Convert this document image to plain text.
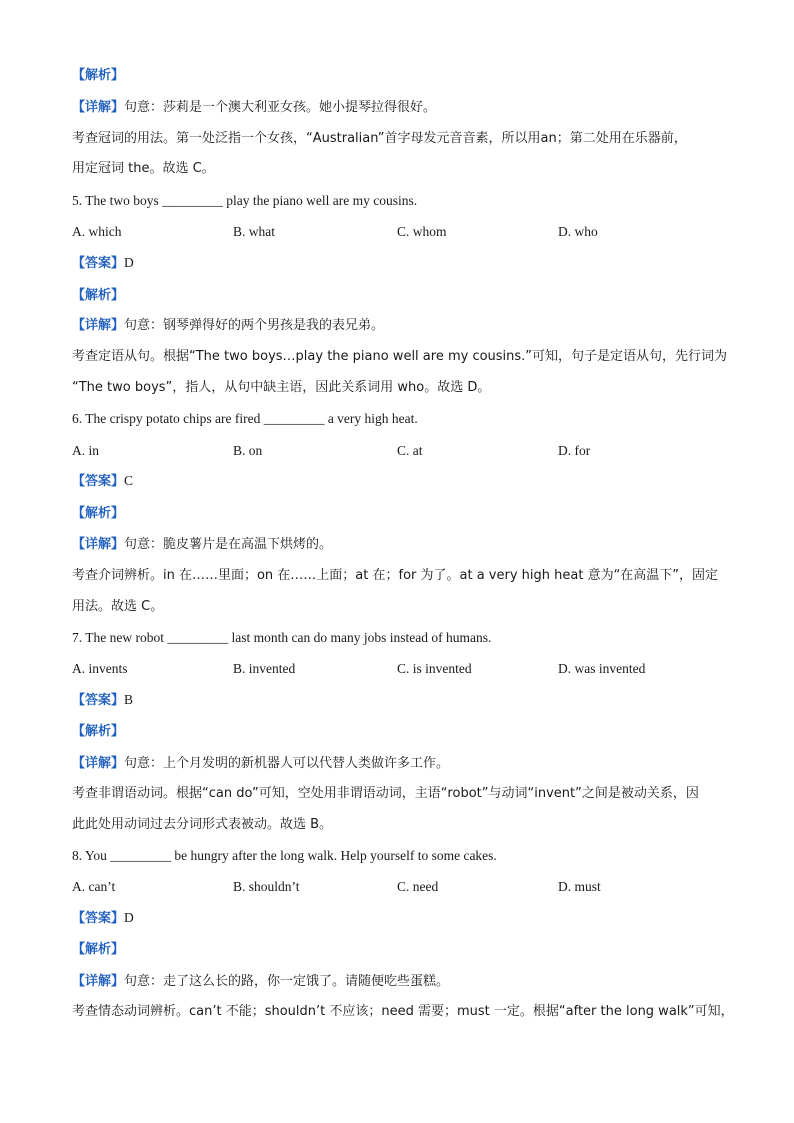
【解析】
【详解】句意：莎莉是一个澳大利亚女孩。她小提琴拉得很好。
考查冠词的用法。第一处泛指一个女孩，“Australian”首字母发元音音素，所以用an；第二处用在乐器前，
用定冠词 the。故选 C。
5. The two boys _________ play the piano well are my cousins.
A. which	B. what	C. whom	D. who
【答案】D
【解析】
【详解】句意：钢琴弹得好的两个男孩是我的表兄弟。
考查定语从句。根据“The two boys…play the piano well are my cousins.”可知，句子是定语从句，先行词为
“The two boys”，指人，从句中缺主语，因此关系词用 who。故选 D。
6. The crispy potato chips are fired _________ a very high heat.
A. in	B. on	C. at	D. for
【答案】C
【解析】
【详解】句意：脆皮薯片是在高温下烘烤的。
考查介词辨析。in 在……里面；on 在……上面；at 在；for 为了。at a very high heat 意为“在高温下”，固定
用法。故选 C。
7. The new robot _________ last month can do many jobs instead of humans.
A. invents	B. invented	C. is invented	D. was invented
【答案】B
【解析】
【详解】句意：上个月发明的新机器人可以代替人类做许多工作。
考查非谓语动词。根据“can do”可知，空处用非谓语动词，主语“robot”与动词“invent”之间是被动关系，因
此此处用动词过去分词形式表被动。故选 B。
8. You _________ be hungry after the long walk. Help yourself to some cakes.
A. can’t	B. shouldn’t	C. need	D. must
【答案】D
【解析】
【详解】句意：走了这么长的路，你一定饿了。请随便吃些蛋糕。
考查情态动词辨析。can’t 不能；shouldn’t 不应该；need 需要；must 一定。根据“after the long walk”可知，
